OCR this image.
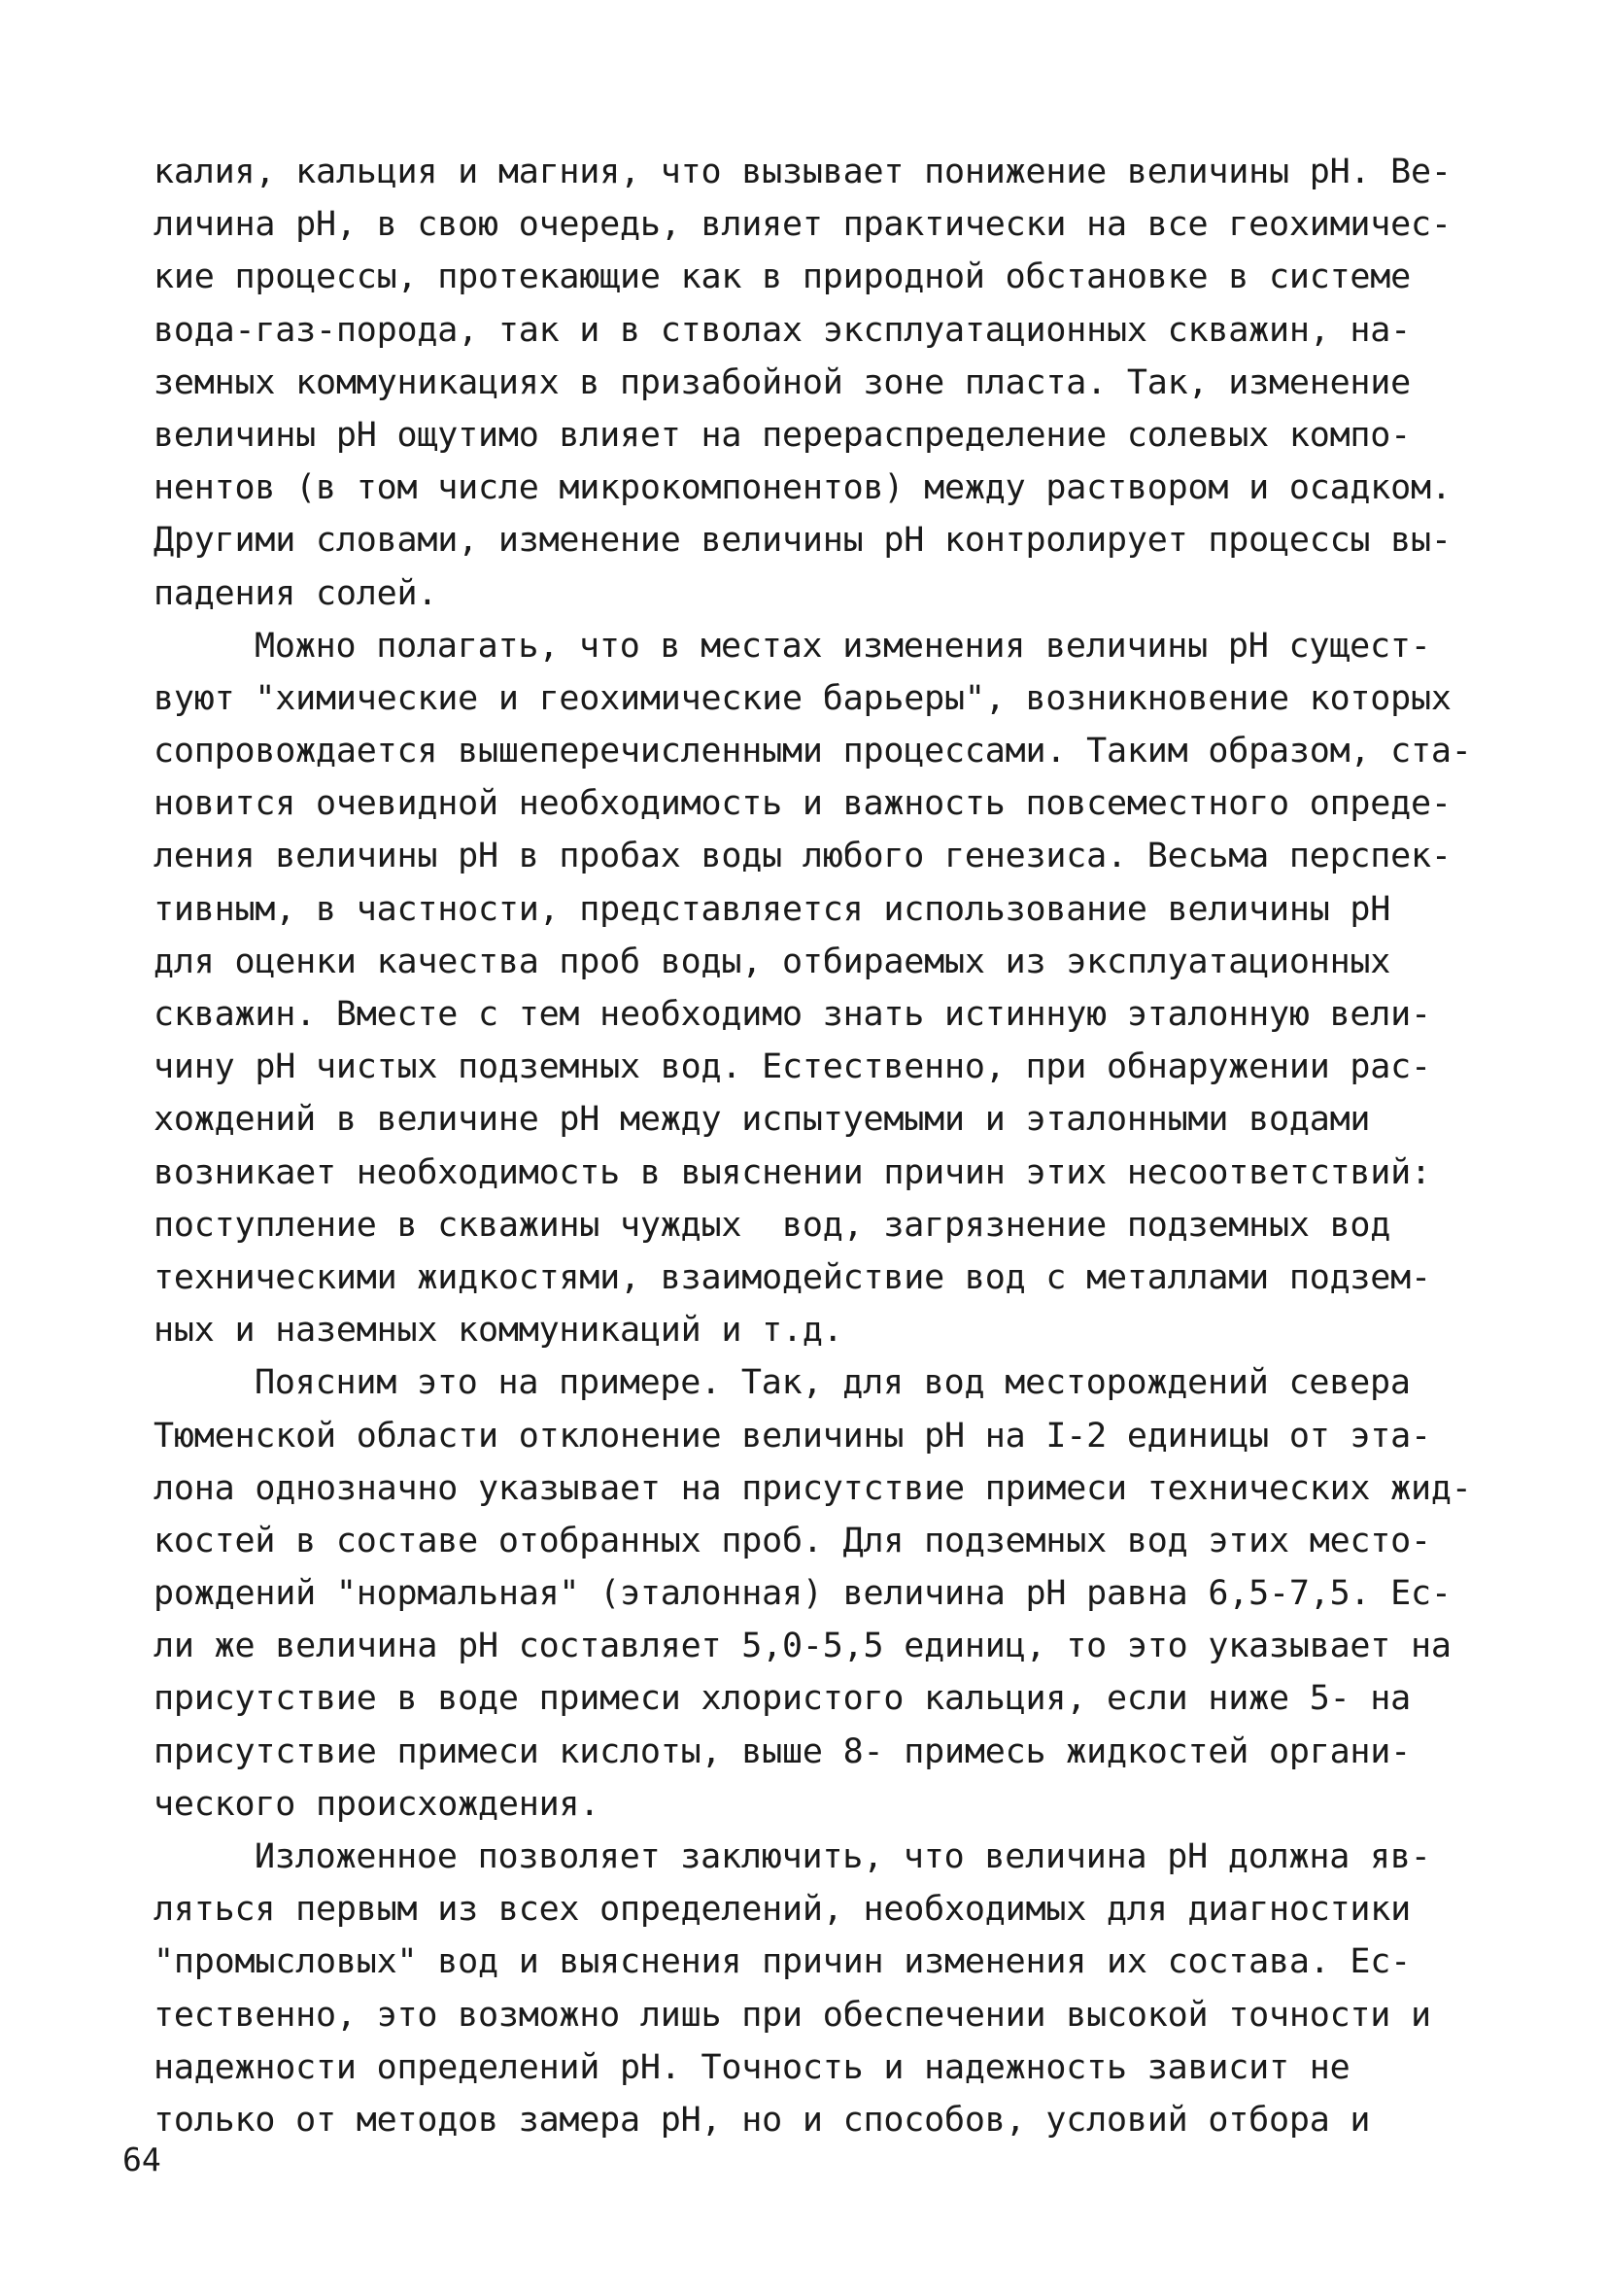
калия, кальция и магния, что вызывает понижение величины рН. Ве-
личина рН, в свою очередь, влияет практически на все геохимичес-
кие процессы, протекающие как в природной обстановке в системе
вода-газ-порода, так и в стволах эксплуатационных скважин, на-
земных коммуникациях в призабойной зоне пласта. Так, изменение
величины рН ощутимо влияет на перераспределение солевых компо-
нентов (в том числе микрокомпонентов) между раствором и осадком.
Другими словами, изменение величины рН контролирует процессы вы-
падения солей.
Можно полагать, что в местах изменения величины рН сущест-
вуют "химические и геохимические барьеры", возникновение которых
сопровождается вышеперечисленными процессами. Таким образом, ста-
новится очевидной необходимость и важность повсеместного опреде-
ления величины рН в пробах воды любого генезиса. Весьма перспек-
тивным, в частности, представляется использование величины рН
для оценки качества проб воды, отбираемых из эксплуатационных
скважин. Вместе с тем необходимо знать истинную эталонную вели-
чину рН чистых подземных вод. Естественно, при обнаружении рас-
хождений в величине рН между испытуемыми и эталонными водами
возникает необходимость в выяснении причин этих несоответствий:
поступление в скважины чуждых  вод, загрязнение подземных вод
техническими жидкостями, взаимодействие вод с металлами подзем-
ных и наземных коммуникаций и т.д.
Поясним это на примере. Так, для вод месторождений севера
Тюменской области отклонение величины рН на I-2 единицы от эта-
лона однозначно указывает на присутствие примеси технических жид-
костей в составе отобранных проб. Для подземных вод этих место-
рождений "нормальная" (эталонная) величина рН равна 6,5-7,5. Ес-
ли же величина рН составляет 5,0-5,5 единиц, то это указывает на
присутствие в воде примеси хлористого кальция, если ниже 5- на
присутствие примеси кислоты, выше 8- примесь жидкостей органи-
ческого происхождения.
Изложенное позволяет заключить, что величина рН должна яв-
ляться первым из всех определений, необходимых для диагностики
"промысловых" вод и выяснения причин изменения их состава. Ес-
тественно, это возможно лишь при обеспечении высокой точности и
надежности определений рН. Точность и надежность зависит не
только от методов замера рН, но и способов, условий отбора и
64
